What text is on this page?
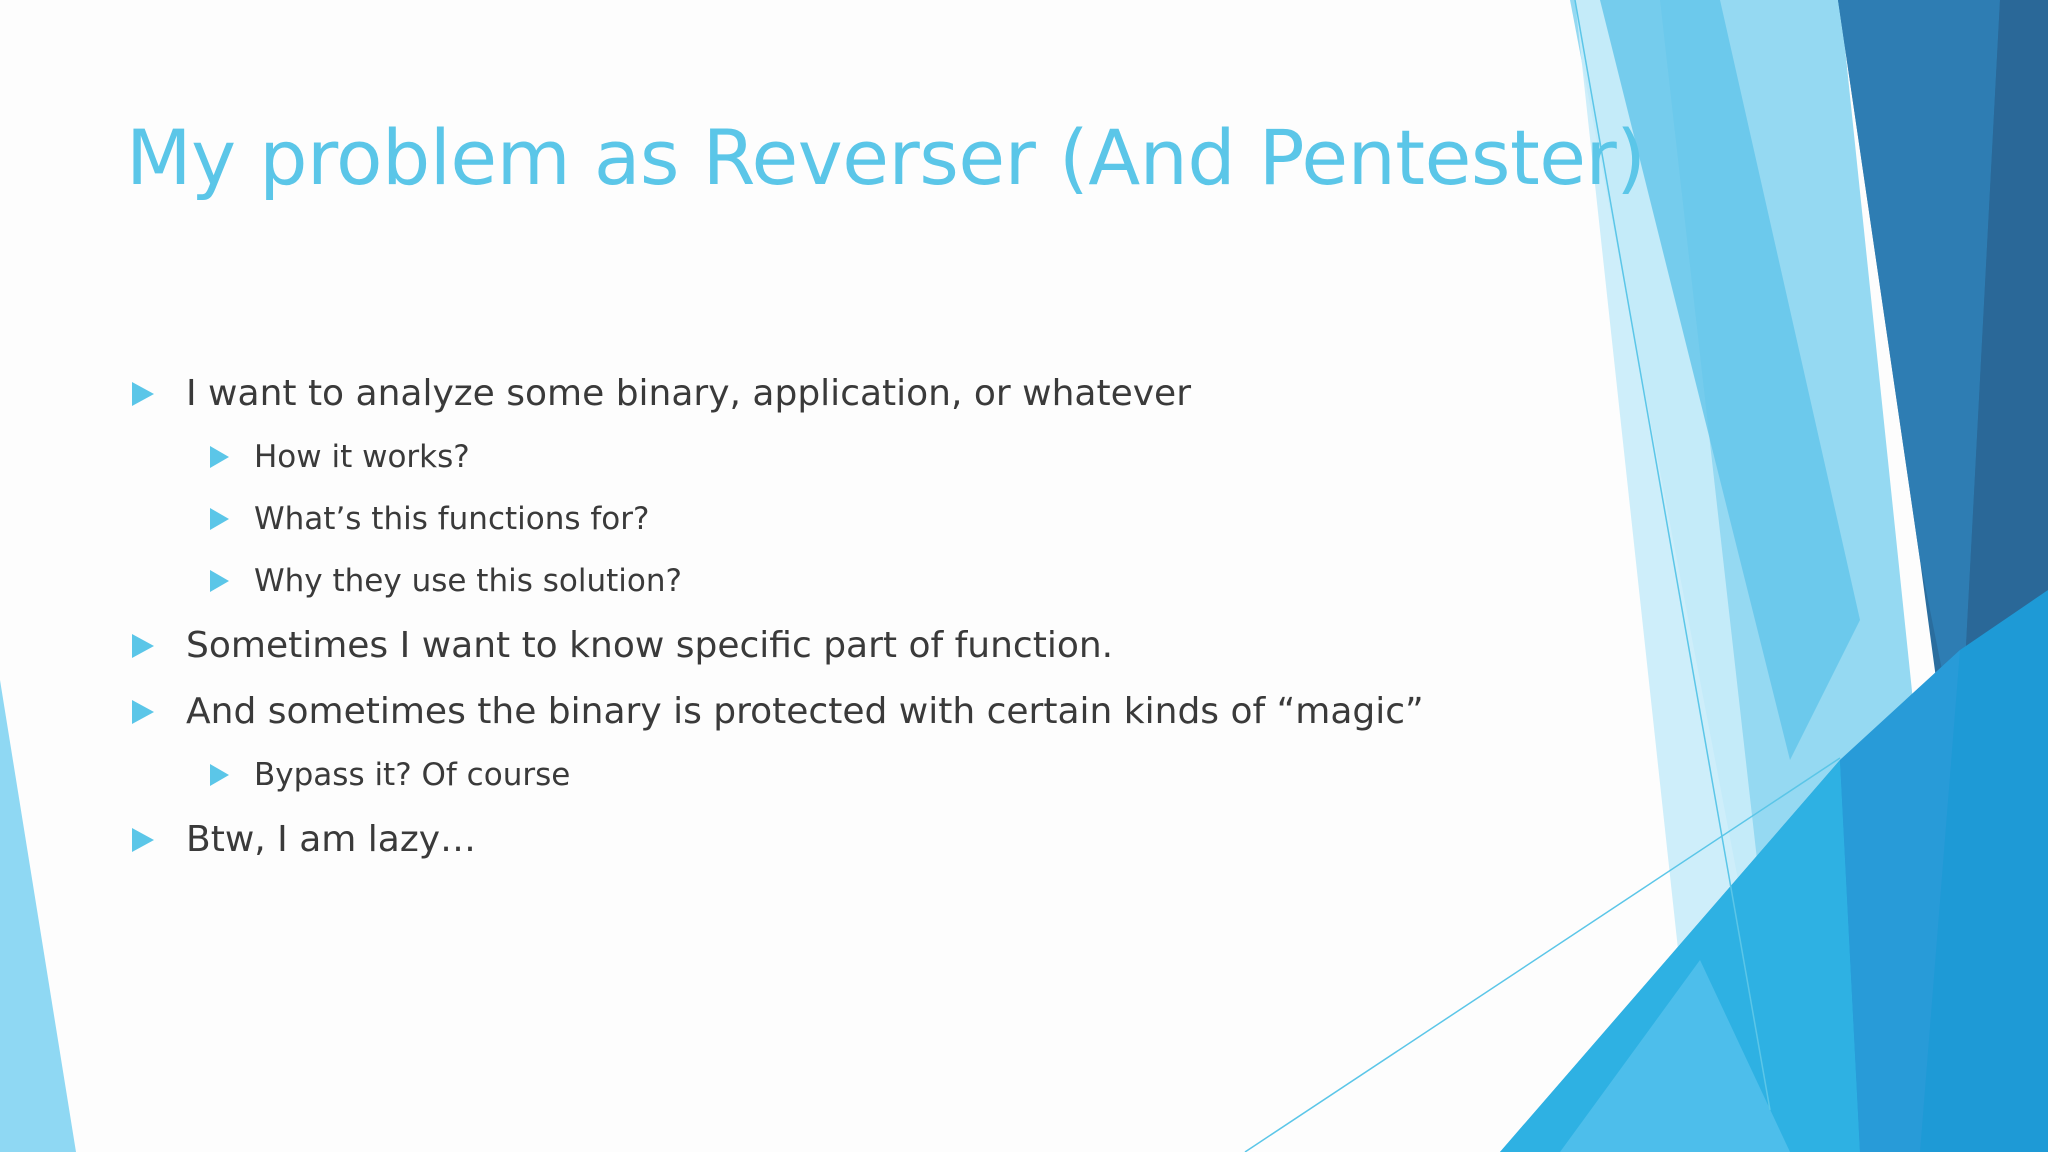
My problem as Reverser (And Pentester)
I want to analyze some binary, application, or whatever
How it works?
What’s this functions for?
Why they use this solution?
Sometimes I want to know specific part of function.
And sometimes the binary is protected with certain kinds of “magic”
Bypass it? Of course
Btw, I am lazy…
